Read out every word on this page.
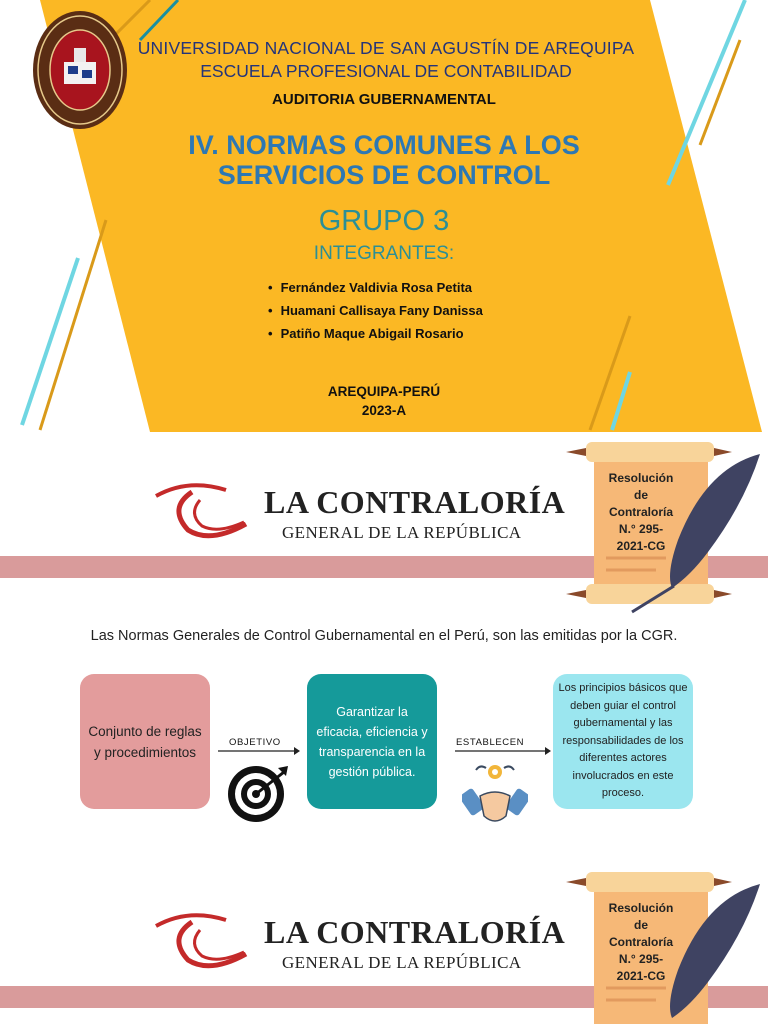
UNIVERSIDAD NACIONAL DE SAN AGUSTÍN DE AREQUIPA
ESCUELA PROFESIONAL DE CONTABILIDAD
AUDITORIA GUBERNAMENTAL
IV. NORMAS COMUNES A LOS
SERVICIOS DE CONTROL
GRUPO 3
INTEGRANTES:
• Fernández Valdivia Rosa Petita
• Huamani Callisaya Fany Danissa
• Patiño Maque Abigail Rosario
AREQUIPA-PERÚ
2023-A
LA CONTRALORÍA
GENERAL DE LA REPÚBLICA
Resolución
de
Contraloría
N.° 295-
2021-CG
Las Normas Generales de Control Gubernamental en el Perú, son las emitidas por la CGR.
Conjunto de reglas y procedimientos
OBJETIVO
Garantizar la eficacia, eficiencia y transparencia en la gestión pública.
ESTABLECEN
Los principios básicos que deben guiar el control gubernamental y las responsabilidades de los diferentes actores involucrados en este proceso.
LA CONTRALORÍA
GENERAL DE LA REPÚBLICA
Resolución
de
Contraloría
N.° 295-
2021-CG
